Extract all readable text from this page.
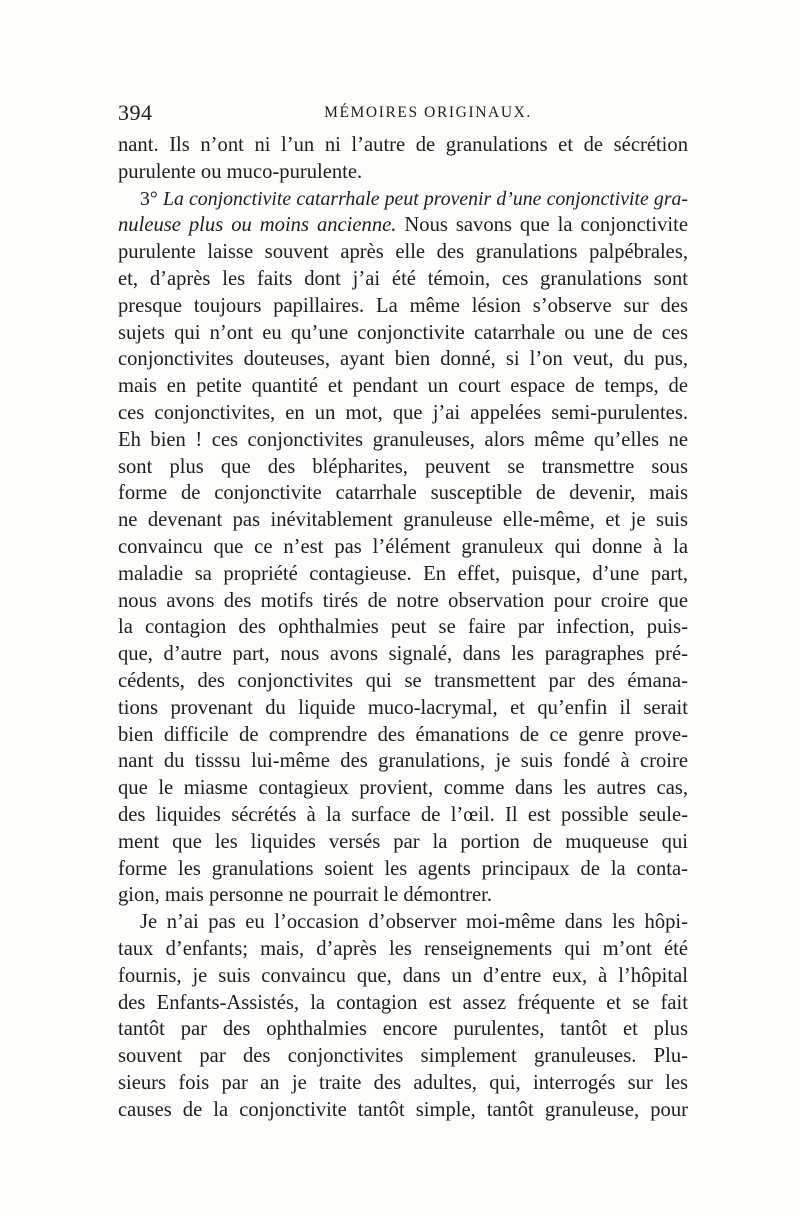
394	MÉMOIRES ORIGINAUX.
nant. Ils n’ont ni l’un ni l’autre de granulations et de sécrétion
purulente ou muco-purulente.
3° La conjonctivite catarrhale peut provenir d’une conjonctivite gra-
nuleuse plus ou moins ancienne. Nous savons que la conjonctivite
purulente laisse souvent après elle des granulations palpébrales,
et, d’après les faits dont j’ai été témoin, ces granulations sont
presque toujours papillaires. La même lésion s’observe sur des
sujets qui n’ont eu qu’une conjonctivite catarrhale ou une de ces
conjonctivites douteuses, ayant bien donné, si l’on veut, du pus,
mais en petite quantité et pendant un court espace de temps, de
ces conjonctivites, en un mot, que j’ai appelées semi-purulentes.
Eh bien ! ces conjonctivites granuleuses, alors même qu’elles ne
sont plus que des blépharites, peuvent se transmettre sous
forme de conjonctivite catarrhale susceptible de devenir, mais
ne devenant pas inévitablement granuleuse elle-même, et je suis
convaincu que ce n’est pas l’élément granuleux qui donne à la
maladie sa propriété contagieuse. En effet, puisque, d’une part,
nous avons des motifs tirés de notre observation pour croire que
la contagion des ophthalmies peut se faire par infection, puis-
que, d’autre part, nous avons signalé, dans les paragraphes pré-
cédents, des conjonctivites qui se transmettent par des émana-
tions provenant du liquide muco-lacrymal, et qu’enfin il serait
bien difficile de comprendre des émanations de ce genre prove-
nant du tisssu lui-même des granulations, je suis fondé à croire
que le miasme contagieux provient, comme dans les autres cas,
des liquides sécrétés à la surface de l’œil. Il est possible seule-
ment que les liquides versés par la portion de muqueuse qui
forme les granulations soient les agents principaux de la conta-
gion, mais personne ne pourrait le démontrer.
Je n’ai pas eu l’occasion d’observer moi-même dans les hôpi-
taux d’enfants; mais, d’après les renseignements qui m’ont été
fournis, je suis convaincu que, dans un d’entre eux, à l’hôpital
des Enfants-Assistés, la contagion est assez fréquente et se fait
tantôt par des ophthalmies encore purulentes, tantôt et plus
souvent par des conjonctivites simplement granuleuses. Plu-
sieurs fois par an je traite des adultes, qui, interrogés sur les
causes de la conjonctivite tantôt simple, tantôt granuleuse, pour
